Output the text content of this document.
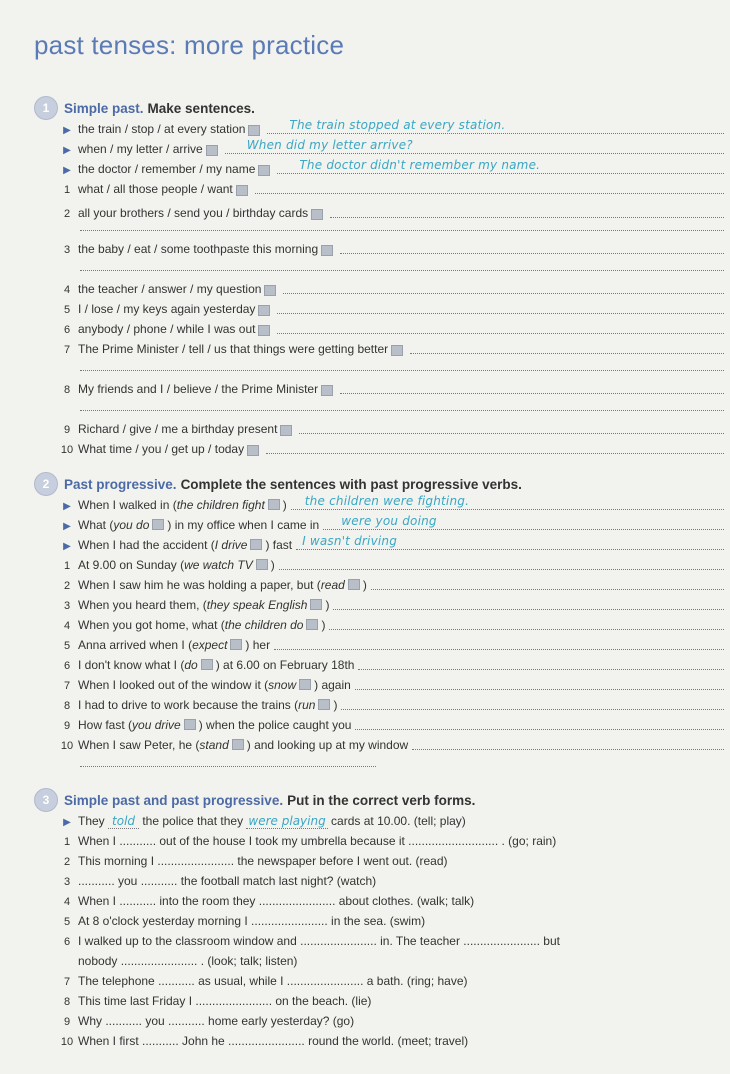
past tenses: more practice
1	Simple past. Make sentences.
▶ the train / stop / at every station	The train stopped at every station.
▶ when / my letter / arrive	When did my letter arrive?
▶ the doctor / remember / my name	The doctor didn't remember my name.
1 what / all those people / want
2 all your brothers / send you / birthday cards
3 the baby / eat / some toothpaste this morning
4 the teacher / answer / my question
5 I / lose / my keys again yesterday
6 anybody / phone / while I was out
7 The Prime Minister / tell / us that things were getting better
8 My friends and I / believe / the Prime Minister
9 Richard / give / me a birthday present
10 What time / you / get up / today
2	Past progressive. Complete the sentences with past progressive verbs.
▶ When I walked in (the children fight ) the children were fighting.
▶ What (you do ) in my office when I came in were you doing
▶ When I had the accident (I drive ) fast I wasn't driving
1 At 9.00 on Sunday (we watch TV )
2 When I saw him he was holding a paper, but (read )
3 When you heard them, (they speak English )
4 When you got home, what (the children do )
5 Anna arrived when I (expect ) her
6 I don't know what I (do ) at 6.00 on February 18th
7 When I looked out of the window it (snow ) again
8 I had to drive to work because the trains (run )
9 How fast (you drive ) when the police caught you
10 When I saw Peter, he (stand ) and looking up at my window
3	Simple past and past progressive. Put in the correct verb forms.
▶ They told the police that they were playing cards at 10.00. (tell; play)
1 When I ........... out of the house I took my umbrella because it ........................... . (go; rain)
2 This morning I ....................... the newspaper before I went out. (read)
3 ........... you ........... the football match last night? (watch)
4 When I ........... into the room they ....................... about clothes. (walk; talk)
5 At 8 o'clock yesterday morning I ....................... in the sea. (swim)
6 I walked up to the classroom window and ....................... in. The teacher ....................... but
nobody ....................... . (look; talk; listen)
7 The telephone ........... as usual, while I ....................... a bath. (ring; have)
8 This time last Friday I ....................... on the beach. (lie)
9 Why ........... you ........... home early yesterday? (go)
10 When I first ........... John he ....................... round the world. (meet; travel)
